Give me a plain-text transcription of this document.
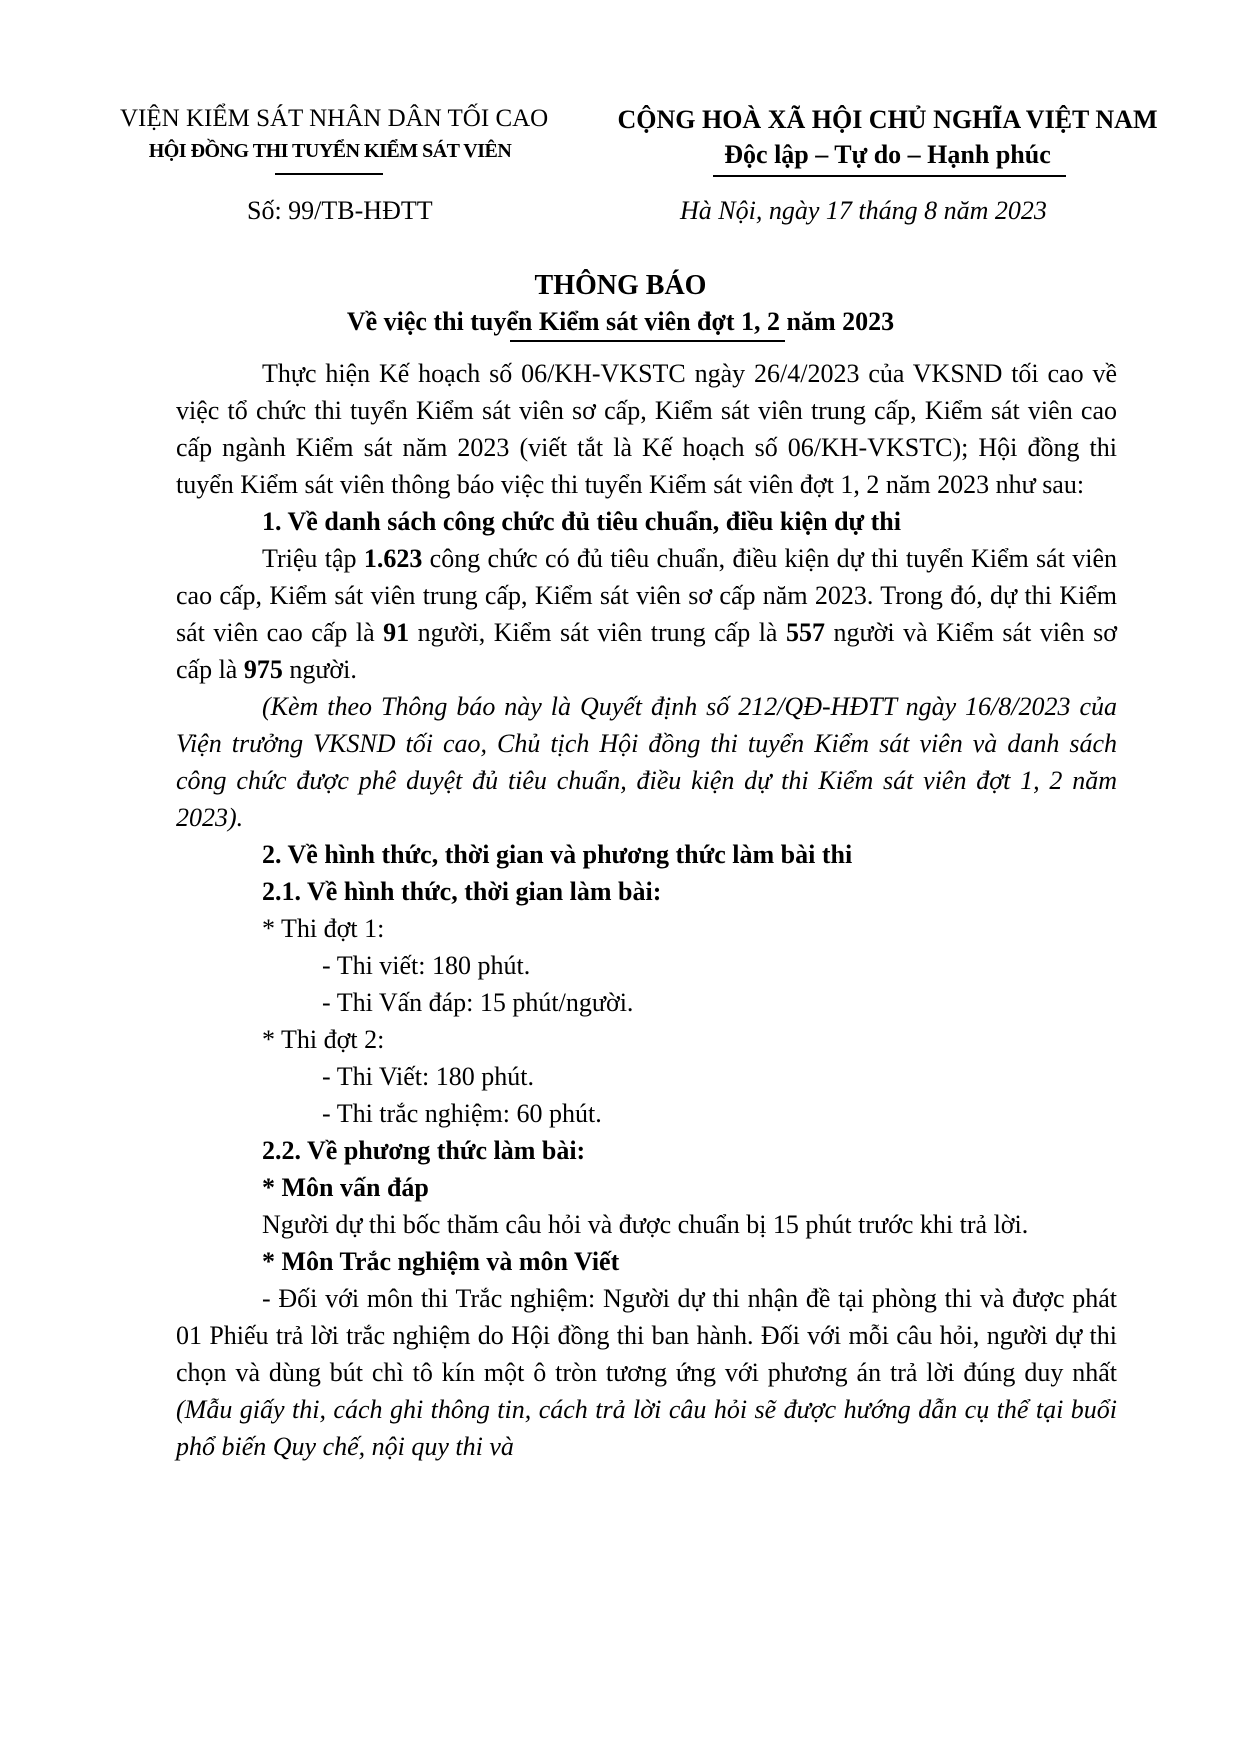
VIỆN KIỂM SÁT NHÂN DÂN TỐI CAO
HỘI ĐỒNG THI TUYỂN KIỂM SÁT VIÊN
CỘNG HOÀ XÃ HỘI CHỦ NGHĨA VIỆT NAM
Độc lập – Tự do – Hạnh phúc
Số: 99/TB-HĐTT	Hà Nội, ngày 17 tháng 8 năm 2023
THÔNG BÁO
Về việc thi tuyển Kiểm sát viên đợt 1, 2 năm 2023

Thực hiện Kế hoạch số 06/KH-VKSTC ngày 26/4/2023 của VKSND tối cao về việc tổ chức thi tuyển Kiểm sát viên sơ cấp, Kiểm sát viên trung cấp, Kiểm sát viên cao cấp ngành Kiểm sát năm 2023 (viết tắt là Kế hoạch số 06/KH-VKSTC); Hội đồng thi tuyển Kiểm sát viên thông báo việc thi tuyển Kiểm sát viên đợt 1, 2 năm 2023 như sau:

1. Về danh sách công chức đủ tiêu chuẩn, điều kiện dự thi

Triệu tập 1.623 công chức có đủ tiêu chuẩn, điều kiện dự thi tuyển Kiểm sát viên cao cấp, Kiểm sát viên trung cấp, Kiểm sát viên sơ cấp năm 2023. Trong đó, dự thi Kiểm sát viên cao cấp là 91 người, Kiểm sát viên trung cấp là 557 người và Kiểm sát viên sơ cấp là 975 người.

(Kèm theo Thông báo này là Quyết định số 212/QĐ-HĐTT ngày 16/8/2023 của Viện trưởng VKSND tối cao, Chủ tịch Hội đồng thi tuyển Kiểm sát viên và danh sách công chức được phê duyệt đủ tiêu chuẩn, điều kiện dự thi Kiểm sát viên đợt 1, 2 năm 2023).

2. Về hình thức, thời gian và phương thức làm bài thi

2.1. Về hình thức, thời gian làm bài:

* Thi đợt 1:

- Thi viết: 180 phút.

- Thi Vấn đáp: 15 phút/người.

* Thi đợt 2:

- Thi Viết: 180 phút.

- Thi trắc nghiệm: 60 phút.

2.2. Về phương thức làm bài:

* Môn vấn đáp

Người dự thi bốc thăm câu hỏi và được chuẩn bị 15 phút trước khi trả lời.

* Môn Trắc nghiệm và môn Viết

- Đối với môn thi Trắc nghiệm: Người dự thi nhận đề tại phòng thi và được phát 01 Phiếu trả lời trắc nghiệm do Hội đồng thi ban hành. Đối với mỗi câu hỏi, người dự thi chọn và dùng bút chì tô kín một ô tròn tương ứng với phương án trả lời đúng duy nhất (Mẫu giấy thi, cách ghi thông tin, cách trả lời câu hỏi sẽ được hướng dẫn cụ thể tại buổi phổ biến Quy chế, nội quy thi và
